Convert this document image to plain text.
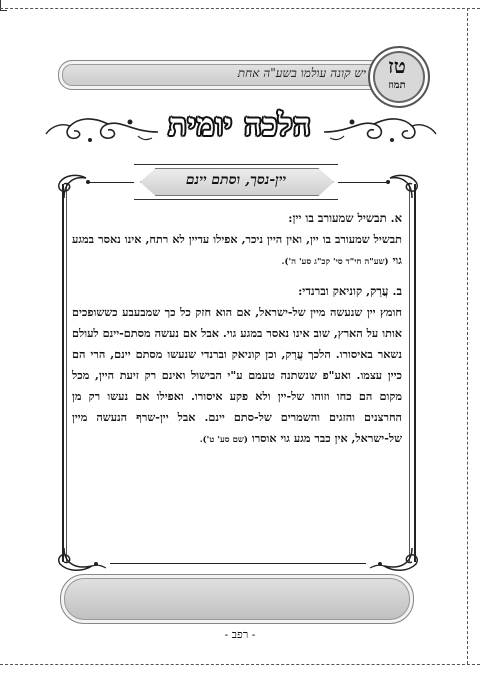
יש קונה עולמו בשע"ה אחת	טז
תמוז
הלכה יומית
יין-נסך, וסתם יינם
א. תבשיל שמעורב בו יין:
תבשיל שמעורב בו יין, ואין היין ניכר, אפילו עדיין לא רתח, אינו נאסר במגע גוי (שע"ה חי"ד סי' קכ"ג סע' ה').
ב. עֲרַק, קוניאק וברנדי:
חומץ יין שנעשה מיין של-ישראל, אם הוא חזק כל כך שמבעבע כששופכים אותו על הארץ, שוב אינו נאסר במגע גוי. אבל אם נעשה מסתם-יינם לעולם נשאר באיסורו. הלכך עֲרַק, וכן קוניאק וברנדי שנעשו מסתם יינם, הרי הם כיין עצמו. ואע"פ שנשתנה טעמם ע"י הבישול ואינם רק זיעת היין, מכל מקום הם כחו וזוהו של-יין ולא פקע איסורו. ואפילו אם נעשו רק מן החרצנים והזגים והשמרים של-סתם יינם. אבל יין-שרף הנעשה מיין של-ישראל, אין כבר מגע גוי אוסרו (שם סע' ט').
- רפב -
